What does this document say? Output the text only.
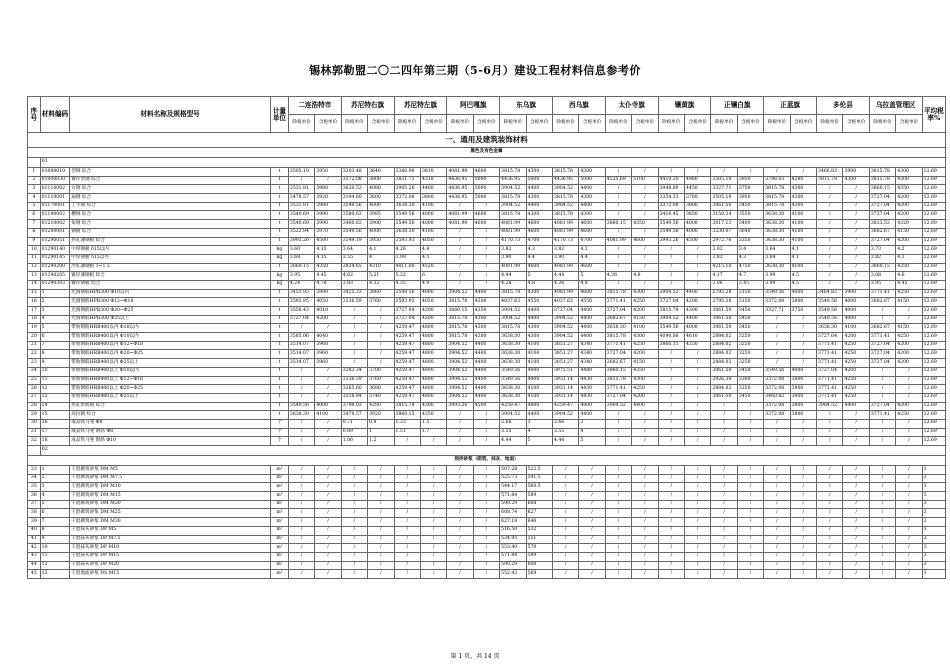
锡林郭勒盟二〇二四年第三期（5-6月）建设工程材料信息参考价
序号	材料编码	材料名称及规格型号	计量单位	二连浩特市		苏尼特右旗		苏尼特左旗		阿巴嘎旗		东乌旗		西乌旗		太仆寺旗		镶黄旗		正镶白旗		正蓝旗		多伦县		乌拉盖管理区		平均税率%
				除税单价	含税单价	除税单价	含税单价	除税单价	含税单价	除税单价	含税单价	除税单价	含税单价	除税单价	含税单价	除税单价	含税单价	除税单价	含税单价	除税单价	含税单价	除税单价	含税单价	除税单价	含税单价	除税单价	含税单价	
一、通用及建筑装饰材料																												
黑色及有色金属																												
	01																											
1	01000010	型钢 综合	t	3505.19	3950	3203.48	3640	3380.96	3810	4081.99	4600	3815.78	4300	3815.78	4300	/	/	/	/	/	/	/	/	3466.82	3900	3815.78	4300	12.69
2	01000030	镀锌型钢 综合	t	/	/	3372.08	3800	3831.75	4318	4436.95	5000	4436.95	5000	4436.95	5000	4525.69	5100	4419.20	4980	3505.19	3950	3798.03	4280	3815.78	4300	3815.78	4300	12.69
3	01110002	方钢 综合	t	3531.81	3980	3620.53	4080	3905.26	4400	4436.95	5000	3904.52	4400	3904.52	4400	/	/	3948.89	4450	3327.71	3750	3815.78	4300	/	/	3860.15	4350	12.69
4	01110001	扁钢 综合	t	3478.57	3920	3194.60	3600	3372.08	3800	4436.95	5000	3815.78	4300	3815.78	4300	/	/	3354.33	3780	3505.19	3950	3815.78	4300	/	/	3727.04	4200	12.69
5	01170001	工字钢 综合	t	3531.81	3980	3549.56	4000	3638.30	4100	/	/	3904.52	4400	3904.52	4400	/	/	3372.08	3800	3061.50	3450	3815.78	4300	/	/	3727.04	4200	12.69
6	01190002	槽钢 综合	t	3540.69	3990	3580.63	3985	3549.56	4000	4081.99	4600	3815.78	4300	3815.78	4300	/	/	3416.45	3850	3150.24	3550	3638.30	4100	/	/	3727.04	4200	12.69
7	01210002	角钢 综合	t	3540.69	3990	3460.82	3900	3549.56	4000	4081.99	4600	4081.99	4600	4081.99	4600	3860.15	4350	3549.56	4000	3017.13	3400	3638.30	4100	/	/	3833.53	4320	12.69
8	01200001	钢板 综合	t	3522.94	3970	3549.56	4000	3638.30	4100	/	/	4081.99	4600	4081.99	4600	/	/	3549.56	4000	3230.07	3640	3638.30	4100	/	/	3682.67	4150	12.69
9	01290051	热轧薄钢板 综合	t	3993.26	4500	3549.19	3950	3593.93	4050	/	/	4170.73	4700	4170.73	4700	4081.99	4600	3993.26	4500	2972.76	3350	3638.30	4100	/	/	3727.04	4200	12.69
10	01290140	中厚钢板 δ15以内	kg	3.60	4.15	3.64	4.1	4.26	4.8	/	/	3.82	4.3	3.82	4.3	/	/	/	/	3.02	3.4	3.64	4.1	/	/	3.73	4.2	12.69
11	01290145	中厚钢板 δ15以外	kg	3.68	4.15	3.55	4	3.99	4.5	/	/	3.90	4.4	3.90	4.4	/	/	/	/	3.82	4.3	3.64	4.1	/	/	3.82	4.3	12.69
12	01290200	冷轧薄钢板 1~1.5	t	3860.15	4350	3824.65	4310	4011.00	4520	/	/	4081.99	4600	4081.99	4600	/	/	/	/	4215.10	4750	3638.30	4100	/	/	3860.15	4350	12.69
13	01290205	镀锌薄钢板 综合	kg	3.95	4.45	4.62	5.21	5.32	6	/	/	4.44	5	4.44	5	4.26	4.8	/	/	4.17	4.7	3.99	4.5	/	/	3.08	4.6	12.69
14	01290303	镀锌钢板 综合	kg	4.24	4.78	3.83	4.32	4.35	4.9	/	/	4.26	4.8	4.26	4.8	/	/	/	/	3.06	3.45	3.99	4.5	/	/	3.95	4.45	12.69
15	1	光圆钢筋HPB300 Φ10以内	t	3451.95	3890	3425.33	3860	3549.56	4000	3904.52	4400	3815.78	4300	4081.99	4600	3815.78	4300	3904.52	4400	2795.28	3150	3549.56	4000	3464.82	3900	3771.41	4250	12.69
16	2	光圆钢筋HPB300 Φ12~Φ18	t	3593.95	4050	3336.59	3760	3593.93	4050	3815.78	4300	4037.63	4550	4037.63	4550	3771.41	4250	3727.04	4200	2795.28	3150	3372.08	3800	3549.56	4000	3682.67	4150	12.69
17	3	光圆钢筋HPB300 Φ20~Φ25	t	3558.43	4010	/	/	3727.04	4200	3860.15	4350	3904.52	4400	3727.04	4400	3727.04	4200	3815.78	4300	3061.50	3450	3327.71	3750	3549.56	4000	/	/	12.69
18	4	光圆钢筋HPB300 Φ25以上	t	3727.04	4200	/	/	3727.04	4200	3815.78	4300	3904.52	4400	3904.52	4400	3682.67	4150	3904.52	4400	3061.50	3450	/	/	3549.56	4000	/	/	12.69
19	5	带肋钢筋HRB400以内 Φ10以内	t	/	/	/	/	4259.47	4800	3815.78	4300	3815.78	4300	3904.52	4400	3638.30	4100	3549.56	4000	3061.50	3450	/	/	3638.30	4100	3682.67	4150	12.69
20	6	带肋钢筋HRB400以内 Φ10以内	t	3585.06	4040	/	/	4259.47	4800	3815.78	4300	3638.30	4300	3904.52	4400	3815.78	4300	4090.86	4610	2884.02	3250	/	/	3727.04	4200	3771.41	4250	12.69
21	7	带肋钢筋HRB400以内 Φ12~Φ18	t	3514.07	3960	/	/	4259.47	4800	3904.52	4400	3638.30	4100	3851.27	4340	3771.41	4250	3860.15	4350	2884.02	3250	/	/	3771.41	4250	3727.04	4200	12.69
22	8	带肋钢筋HRB400以内 Φ20~Φ25	t	3514.07	3960	/	/	4259.47	4800	3904.52	4400	3638.30	4100	3851.27	4340	3727.04	4200	/	/	2884.02	3250	/	/	3771.41	4250	3727.04	4200	12.69
23	9	带肋钢筋HRB400以内 Φ25以上	t	3514.07	3960	/	/	4259.47	4800	3904.52	4400	3638.30	4100	3851.27	4340	3682.67	4150	/	/	2884.02	3250	/	/	3771.41	4250	3727.04	4200	12.69
24	10	带肋钢筋HRB400以上 Φ10以内	t	/	/	3283.34	3700	4259.47	4800	3904.52	4400	3549.56	4000	3975.51	4480	3860.15	4350	/	/	3061.50	3450	3549.56	4000	3727.04	4200	/	/	12.69
25	11	带肋钢筋HRB400以上 Φ12~Φ18	t	/	/	3336.59	3760	4259.47	4800	3904.52	4400	3549.56	4000	3931.14	4430	3815.78	4300	/	/	2926.39	3300	3372.08	3800	3771.41	4250	/	/	12.69
26	12	带肋钢筋HRB400以上 Φ20~Φ25	t	/	/	3265.60	3680	4259.47	4800	3904.52	4400	3638.30	4100	3931.14	4430	3771.41	4250	/	/	2884.02	3250	3372.08	3800	3771.41	4250	/	/	12.69
27	13	带肋钢筋HRB400以上 Φ25以上	t	/	/	3318.84	3740	4259.47	4800	3904.52	4400	3638.30	4100	3931.14	4430	3727.04	4200	/	/	3061.50	3450	3460.82	3900	3771.41	4250	/	/	12.69
28	14	热轧带肋钢 综合	t	3549.56	4000	3798.03	4280	3815.78	4300	3993.26	4500	4259.47	4800	4259.47	4800	3904.52	4400	/	/	/	/	3372.08	3800	3904.52	4400	3727.04	4200	12.69
29	15	高拉钢 综合	t	3638.30	4100	3478.57	3920	3860.15	4350	/	/	3904.52	4400	3904.52	4400	/	/	/	/	/	/	3372.08	3800	/	/	3771.41	4250	12.69
30	16	成品铁马凳 Φ8	个	/	/	0.71	0.8	1.33	1.5	/	/	2.66	3	2.66	3	/	/	/	/	/	/	/	/	/	/	/	/	12.69
31	17	成品铁马凳 钢筋 Φ8	个	/	/	0.89	1	1.51	1.7	/	/	3.55	4	3.55	4	/	/	/	/	/	/	/	/	/	/	/	/	12.69
32	18	成品铁马凳 钢筋 Φ10	个	/	/	1.06	1.2	/	/	/	/	4.44	5	4.44	5	/	/	/	/	/	/	/	/	/	/	/	/	12.69
	02																											
预拌砂浆（砌筑、抹灰、地面）																												
33	1	干混砌筑砂浆 DM M5	m³	/	/	/	/	/	/	/	/	507.28	522.5	/	/	/	/	/	/	/	/	/	/	/	/	/	/	3
34	2	干混砌筑砂浆 DM M7.5	m³	/	/	/	/	/	/	/	/	525.73	541.5	/	/	/	/	/	/	/	/	/	/	/	/	/	/	3
35	3	干混砌筑砂浆 DM M10	m³	/	/	/	/	/	/	/	/	544.17	560.5	/	/	/	/	/	/	/	/	/	/	/	/	/	/	3
36	4	干混砌筑砂浆 DM M15	m³	/	/	/	/	/	/	/	/	571.84	589	/	/	/	/	/	/	/	/	/	/	/	/	/	/	3
37	5	干混砌筑砂浆 DM M20	m³	/	/	/	/	/	/	/	/	590.29	608	/	/	/	/	/	/	/	/	/	/	/	/	/	/	3
38	6	干混砌筑砂浆 DM M25	m³	/	/	/	/	/	/	/	/	608.74	627	/	/	/	/	/	/	/	/	/	/	/	/	/	/	3
39	7	干混砌筑砂浆 DM M30	m³	/	/	/	/	/	/	/	/	627.18	646	/	/	/	/	/	/	/	/	/	/	/	/	/	/	3
40	8	干混抹灰砂浆 DP M5	m³	/	/	/	/	/	/	/	/	516.50	532	/	/	/	/	/	/	/	/	/	/	/	/	/	/	3
41	9	干混抹灰砂浆 DP M7.5	m³	/	/	/	/	/	/	/	/	534.95	551	/	/	/	/	/	/	/	/	/	/	/	/	/	/	3
42	10	干混抹灰砂浆 DP M10	m³	/	/	/	/	/	/	/	/	553.40	570	/	/	/	/	/	/	/	/	/	/	/	/	/	/	3
43	11	干混抹灰砂浆 DP M15	m³	/	/	/	/	/	/	/	/	571.84	589	/	/	/	/	/	/	/	/	/	/	/	/	/	/	3
44	12	干混抹灰砂浆 DP M20	m³	/	/	/	/	/	/	/	/	590.29	608	/	/	/	/	/	/	/	/	/	/	/	/	/	/	3
45	13	干混地面砂浆 DS M15	m³	/	/	/	/	/	/	/	/	552.43	569	/	/	/	/	/	/	/	/	/	/	/	/	/	/	3
第 1 页，共 14 页
